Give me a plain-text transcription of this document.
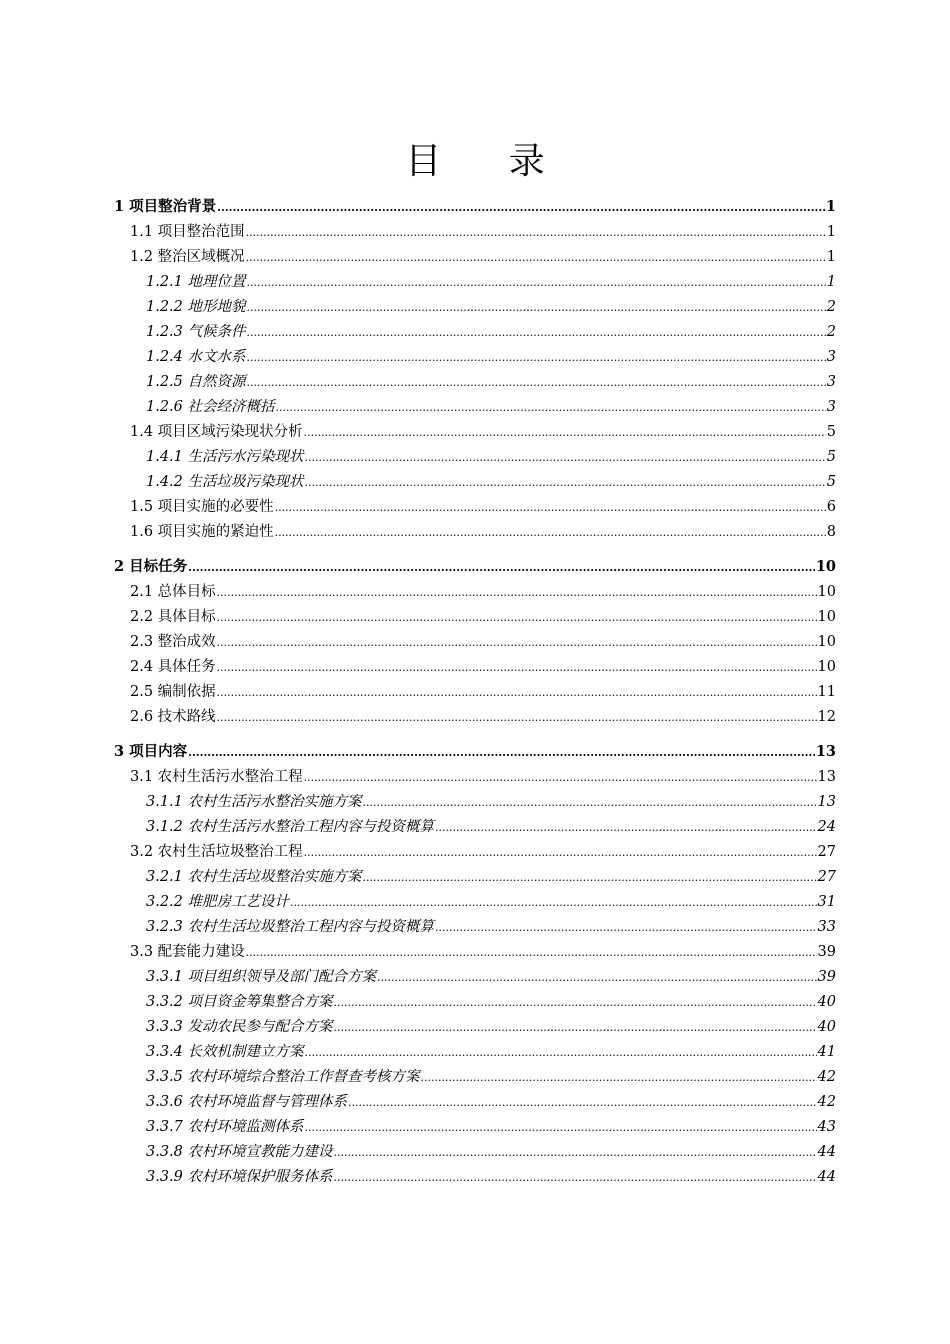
目 录
1 项目整治背景 .....	1
1.1 项目整治范围 .....	1
1.2 整治区域概况 .....	1
1.2.1 地理位置 .....	1
1.2.2 地形地貌 .....	2
1.2.3 气候条件 .....	2
1.2.4 水文水系 .....	3
1.2.5 自然资源 .....	3
1.2.6 社会经济概括 .....	3
1.4 项目区域污染现状分析 .....	5
1.4.1 生活污水污染现状 .....	5
1.4.2 生活垃圾污染现状 .....	5
1.5 项目实施的必要性 .....	6
1.6 项目实施的紧迫性 .....	8
2 目标任务 .....	10
2.1 总体目标 .....	10
2.2 具体目标 .....	10
2.3 整治成效 .....	10
2.4 具体任务 .....	10
2.5 编制依据 .....	11
2.6 技术路线 .....	12
3 项目内容 .....	13
3.1 农村生活污水整治工程 .....	13
3.1.1 农村生活污水整治实施方案 .....	13
3.1.2 农村生活污水整治工程内容与投资概算 .....	24
3.2 农村生活垃圾整治工程 .....	27
3.2.1 农村生活垃圾整治实施方案 .....	27
3.2.2 堆肥房工艺设计 .....	31
3.2.3 农村生活垃圾整治工程内容与投资概算 .....	33
3.3 配套能力建设 .....	39
3.3.1 项目组织领导及部门配合方案 .....	39
3.3.2 项目资金筹集整合方案 .....	40
3.3.3 发动农民参与配合方案 .....	40
3.3.4 长效机制建立方案 .....	41
3.3.5 农村环境综合整治工作督查考核方案 .....	42
3.3.6 农村环境监督与管理体系 .....	42
3.3.7 农村环境监测体系 .....	43
3.3.8 农村环境宣教能力建设 .....	44
3.3.9 农村环境保护服务体系 .....	44
